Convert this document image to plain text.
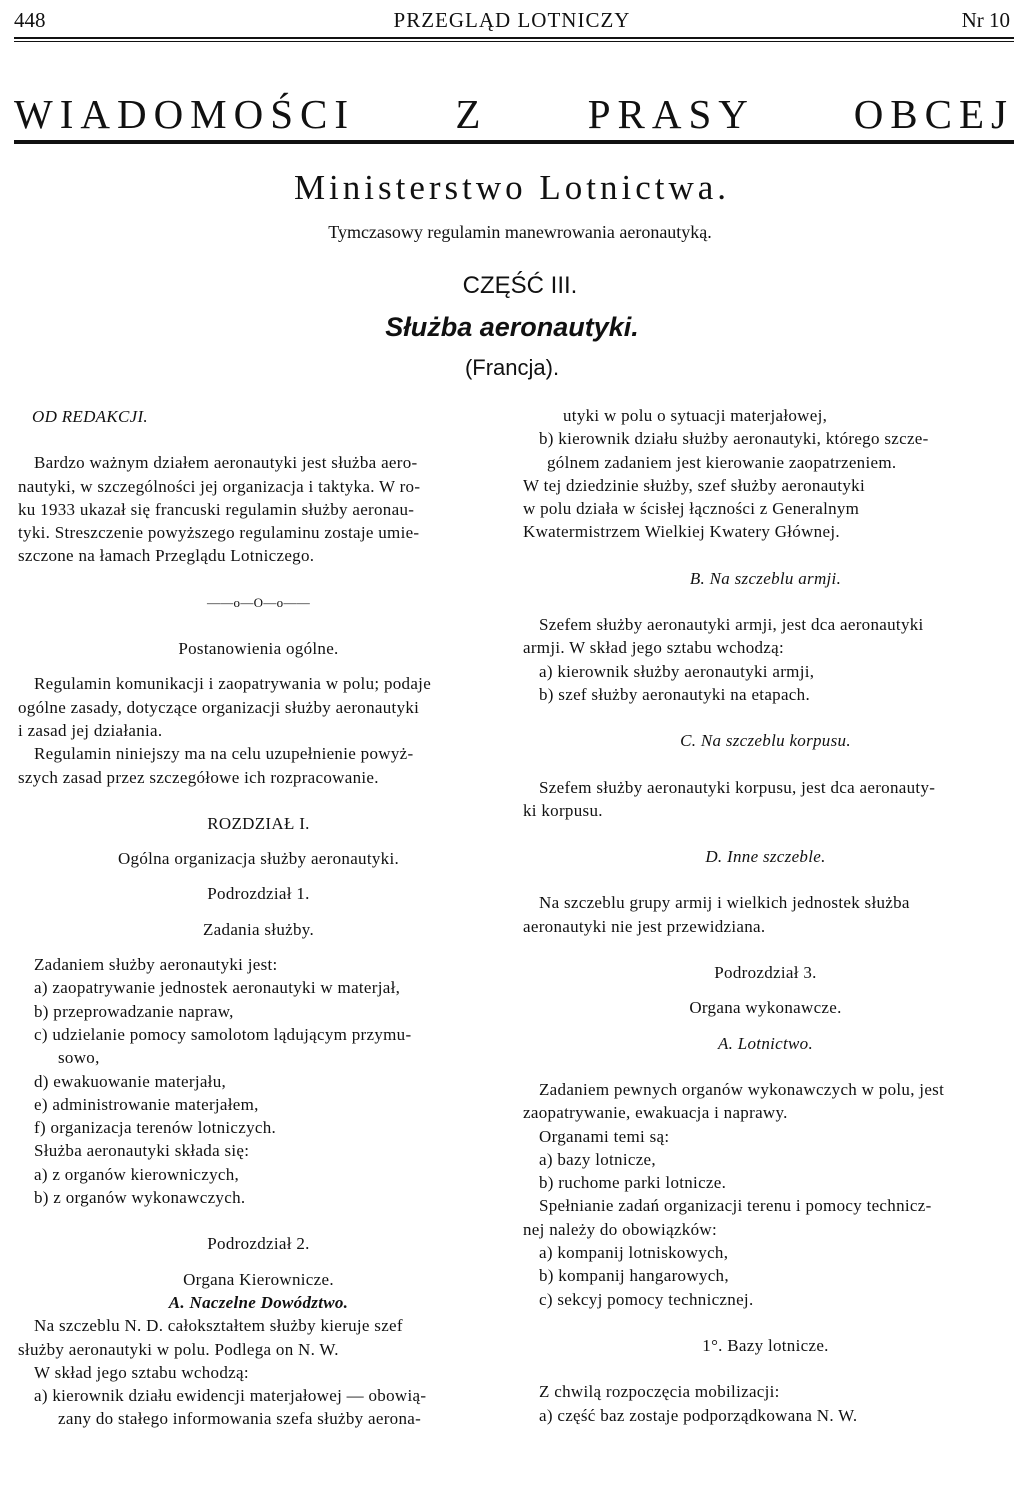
448	PRZEGLĄD LOTNICZY	Nr 10
WIADOMOŚCI Z PRASY OBCEJ
Ministerstwo Lotnictwa.
Tymczasowy regulamin manewrowania aeronautyką.
CZĘŚĆ III.
Służba aeronautyki.
(Francja).

OD REDAKCJI.

Bardzo ważnym działem aeronautyki jest służba aero-

nautyki, w szczególności jej organizacja i taktyka. W ro-

ku 1933 ukazał się francuski regulamin służby aeronau-

tyki. Streszczenie powyższego regulaminu zostaje umie-

szczone na łamach Przeglądu Lotniczego.

——o—O—o——

Postanowienia ogólne.

Regulamin komunikacji i zaopatrywania w polu; podaje

ogólne zasady, dotyczące organizacji służby aeronautyki

i zasad jej działania.

Regulamin niniejszy ma na celu uzupełnienie powyż-

szych zasad przez szczegółowe ich rozpracowanie.

ROZDZIAŁ I.

Ogólna organizacja służby aeronautyki.

Podrozdział 1.

Zadania służby.

Zadaniem służby aeronautyki jest:

a) zaopatrywanie jednostek aeronautyki w materjał,

b) przeprowadzanie napraw,

c) udzielanie pomocy samolotom lądującym przymu-

sowo,

d) ewakuowanie materjału,

e) administrowanie materjałem,

f) organizacja terenów lotniczych.

Służba aeronautyki składa się:

a) z organów kierowniczych,

b) z organów wykonawczych.

Podrozdział 2.

Organa Kierownicze.

A. Naczelne Dowództwo.

Na szczeblu N. D. całokształtem służby kieruje szef

służby aeronautyki w polu. Podlega on N. W.

W skład jego sztabu wchodzą:

a) kierownik działu ewidencji materjałowej — obowią-

zany do stałego informowania szefa służby aerona-

utyki w polu o sytuacji materjałowej,

b) kierownik działu służby aeronautyki, którego szcze-

gólnem zadaniem jest kierowanie zaopatrzeniem.

W tej dziedzinie służby, szef służby aeronautyki

w polu działa w ścisłej łączności z Generalnym

Kwatermistrzem Wielkiej Kwatery Głównej.

B. Na szczeblu armji.

Szefem służby aeronautyki armji, jest dca aeronautyki

armji. W skład jego sztabu wchodzą:

a) kierownik służby aeronautyki armji,

b) szef służby aeronautyki na etapach.

C. Na szczeblu korpusu.

Szefem służby aeronautyki korpusu, jest dca aeronauty-

ki korpusu.

D. Inne szczeble.

Na szczeblu grupy armij i wielkich jednostek służba

aeronautyki nie jest przewidziana.

Podrozdział 3.

Organa wykonawcze.

A. Lotnictwo.

Zadaniem pewnych organów wykonawczych w polu, jest

zaopatrywanie, ewakuacja i naprawy.

Organami temi są:

a) bazy lotnicze,

b) ruchome parki lotnicze.

Spełnianie zadań organizacji terenu i pomocy technicz-

nej należy do obowiązków:

a) kompanij lotniskowych,

b) kompanij hangarowych,

c) sekcyj pomocy technicznej.

1°. Bazy lotnicze.

Z chwilą rozpoczęcia mobilizacji:

a) część baz zostaje podporządkowana N. W.
